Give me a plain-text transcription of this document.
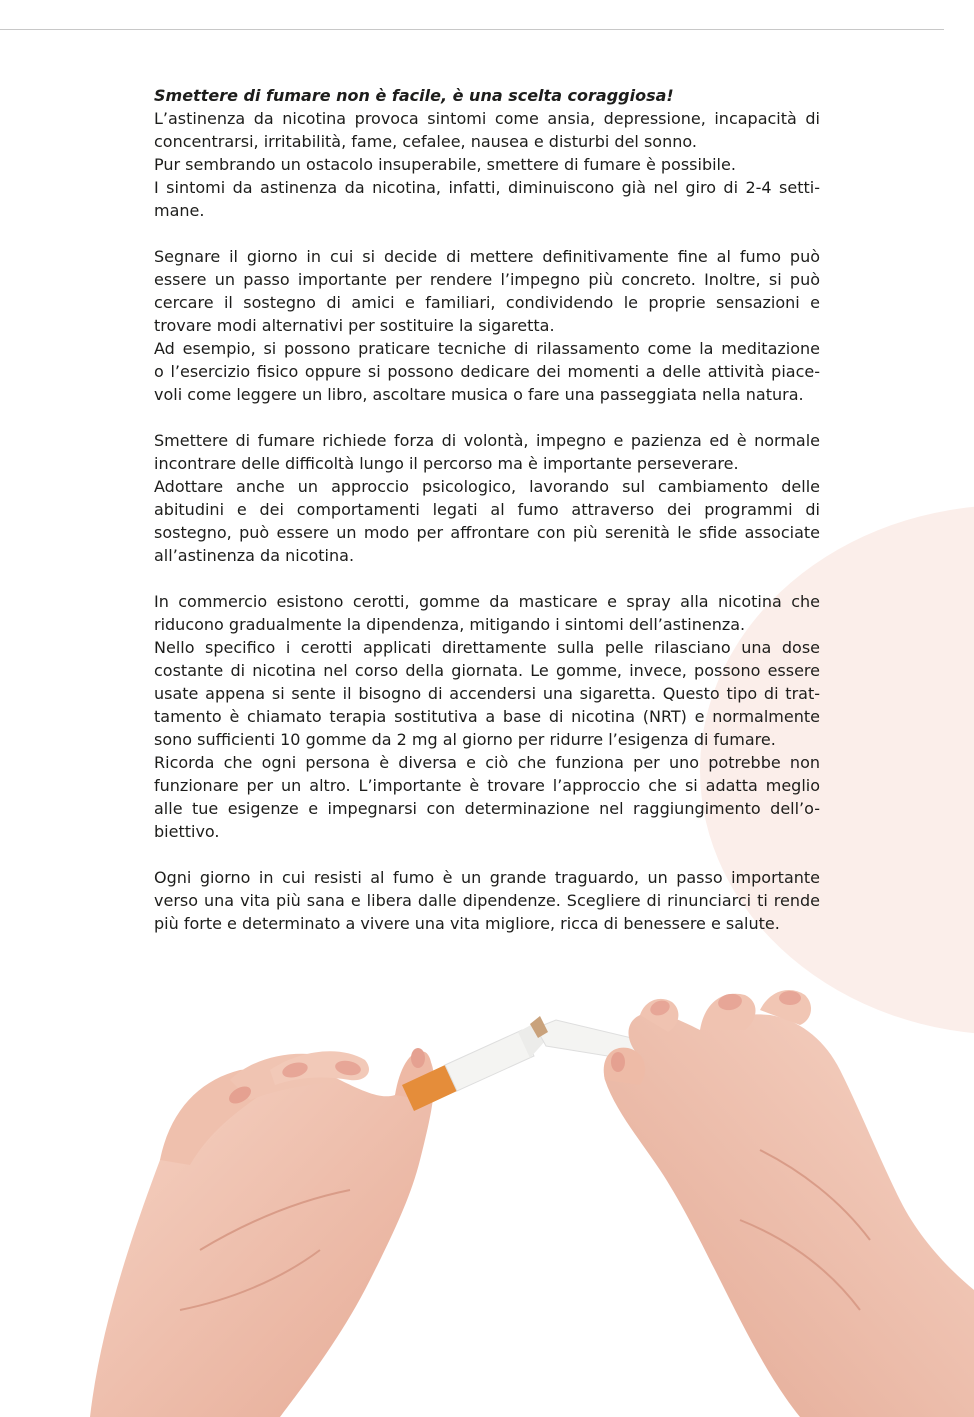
Smettere di fumare non è facile, è una scelta coraggiosa!
L’astinenza da nicotina provoca sintomi come ansia, depressione, incapacità di
concentrarsi, irritabilità, fame, cefalee, nausea e disturbi del sonno.
Pur sembrando un ostacolo insuperabile, smettere di fumare è possibile.
I sintomi da astinenza da nicotina, infatti, diminuiscono già nel giro di 2-4 setti-
mane.
Segnare il giorno in cui si decide di mettere definitivamente fine al fumo può
essere un passo importante per rendere l’impegno più concreto. Inoltre, si può
cercare il sostegno di amici e familiari, condividendo le proprie sensazioni e
trovare modi alternativi per sostituire la sigaretta.
Ad esempio, si possono praticare tecniche di rilassamento come la meditazione
o l’esercizio fisico oppure si possono dedicare dei momenti a delle attività piace-
voli come leggere un libro, ascoltare musica o fare una passeggiata nella natura.
Smettere di fumare richiede forza di volontà, impegno e pazienza ed è normale
incontrare delle difficoltà lungo il percorso ma è importante perseverare.
Adottare anche un approccio psicologico, lavorando sul cambiamento delle
abitudini e dei comportamenti legati al fumo attraverso dei programmi di
sostegno, può essere un modo per affrontare con più serenità le sfide associate
all’astinenza da nicotina.
In commercio esistono cerotti, gomme da masticare e spray alla nicotina che
riducono gradualmente la dipendenza, mitigando i sintomi dell’astinenza.
Nello specifico i cerotti applicati direttamente sulla pelle rilasciano una dose
costante di nicotina nel corso della giornata. Le gomme, invece, possono essere
usate appena si sente il bisogno di accendersi una sigaretta. Questo tipo di trat-
tamento è chiamato terapia sostitutiva a base di nicotina (NRT) e normalmente
sono sufficienti 10 gomme da 2 mg al giorno per ridurre l’esigenza di fumare.
Ricorda che ogni persona è diversa e ciò che funziona per uno potrebbe non
funzionare per un altro. L’importante è trovare l’approccio che si adatta meglio
alle tue esigenze e impegnarsi con determinazione nel raggiungimento dell’o-
biettivo.
Ogni giorno in cui resisti al fumo è un grande traguardo, un passo importante
verso una vita più sana e libera dalle dipendenze. Scegliere di rinunciarci ti rende
più forte e determinato a vivere una vita migliore, ricca di benessere e salute.
